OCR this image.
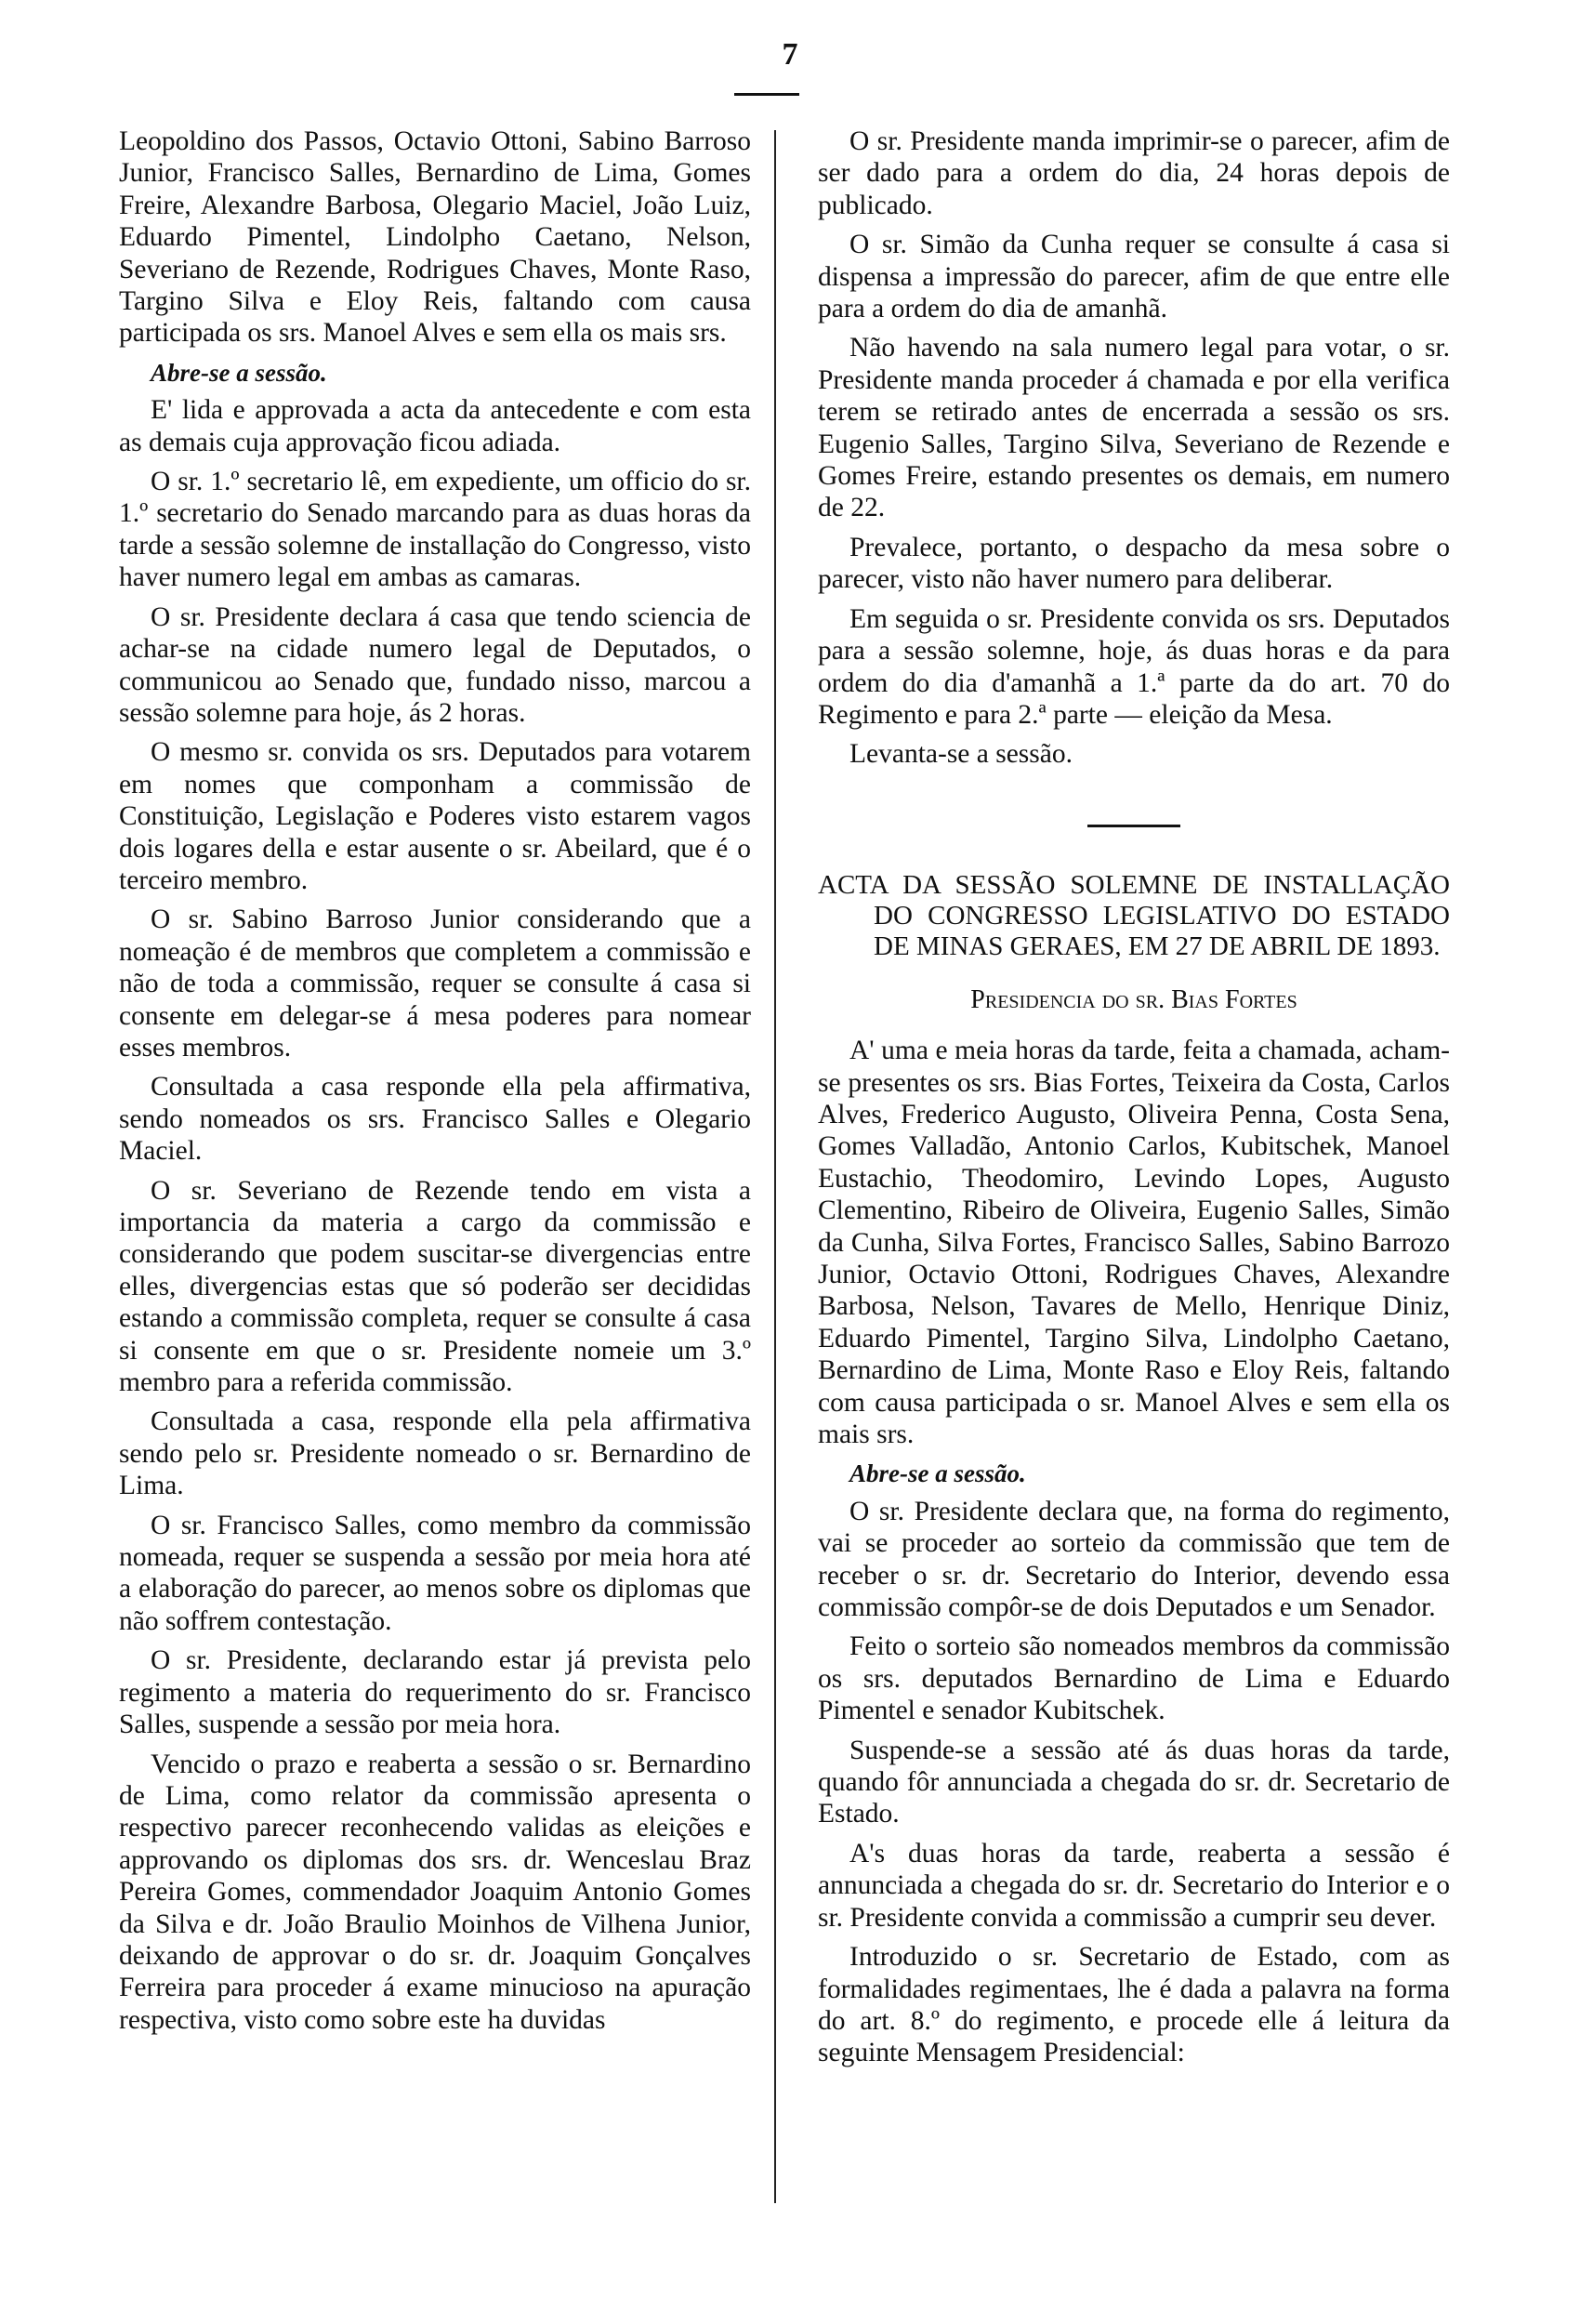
7

Leopoldino dos Passos, Octavio Ottoni, Sabino Barroso Junior, Francisco Salles, Bernardino de Lima, Gomes Freire, Alexandre Barbosa, Olegario Maciel, João Luiz, Eduardo Pimentel, Lindolpho Caetano, Nelson, Severiano de Rezende, Rodrigues Chaves, Monte Raso, Targino Silva e Eloy Reis, faltando com causa participada os srs. Manoel Alves e sem ella os mais srs.

Abre-se a sessão.

E' lida e approvada a acta da antecedente e com esta as demais cuja approvação ficou adiada.

O sr. 1.º secretario lê, em expediente, um officio do sr. 1.º secretario do Senado marcando para as duas horas da tarde a sessão solemne de installação do Congresso, visto haver numero legal em ambas as camaras.

O sr. Presidente declara á casa que tendo sciencia de achar-se na cidade numero legal de Deputados, o communicou ao Senado que, fundado nisso, marcou a sessão solemne para hoje, ás 2 horas.

O mesmo sr. convida os srs. Deputados para votarem em nomes que componham a commissão de Constituição, Legislação e Poderes visto estarem vagos dois logares della e estar ausente o sr. Abeilard, que é o terceiro membro.

O sr. Sabino Barroso Junior considerando que a nomeação é de membros que completem a commissão e não de toda a commissão, requer se consulte á casa si consente em delegar-se á mesa poderes para nomear esses membros.

Consultada a casa responde ella pela affirmativa, sendo nomeados os srs. Francisco Salles e Olegario Maciel.

O sr. Severiano de Rezende tendo em vista a importancia da materia a cargo da commissão e considerando que podem suscitar-se divergencias entre elles, divergencias estas que só poderão ser decididas estando a commissão completa, requer se consulte á casa si consente em que o sr. Presidente nomeie um 3.º membro para a referida commissão.

Consultada a casa, responde ella pela affirmativa sendo pelo sr. Presidente nomeado o sr. Bernardino de Lima.

O sr. Francisco Salles, como membro da commissão nomeada, requer se suspenda a sessão por meia hora até a elaboração do parecer, ao menos sobre os diplomas que não soffrem contestação.

O sr. Presidente, declarando estar já prevista pelo regimento a materia do requerimento do sr. Francisco Salles, suspende a sessão por meia hora.

Vencido o prazo e reaberta a sessão o sr. Bernardino de Lima, como relator da commissão apresenta o respectivo parecer reconhecendo validas as eleições e approvando os diplomas dos srs. dr. Wenceslau Braz Pereira Gomes, commendador Joaquim Antonio Gomes da Silva e dr. João Braulio Moinhos de Vilhena Junior, deixando de approvar o do sr. dr. Joaquim Gonçalves Ferreira para proceder á exame minucioso na apuração respectiva, visto como sobre este ha duvidas

O sr. Presidente manda imprimir-se o parecer, afim de ser dado para a ordem do dia, 24 horas depois de publicado.

O sr. Simão da Cunha requer se consulte á casa si dispensa a impressão do parecer, afim de que entre elle para a ordem do dia de amanhã.

Não havendo na sala numero legal para votar, o sr. Presidente manda proceder á chamada e por ella verifica terem se retirado antes de encerrada a sessão os srs. Eugenio Salles, Targino Silva, Severiano de Rezende e Gomes Freire, estando presentes os demais, em numero de 22.

Prevalece, portanto, o despacho da mesa sobre o parecer, visto não haver numero para deliberar.

Em seguida o sr. Presidente convida os srs. Deputados para a sessão solemne, hoje, ás duas horas e da para ordem do dia d'amanhã a 1.ª parte da do art. 70 do Regimento e para 2.ª parte — eleição da Mesa.

Levanta-se a sessão.

ACTA DA SESSÃO SOLEMNE DE INSTALLAÇÃO DO CONGRESSO LEGISLATIVO DO ESTADO DE MINAS GERAES, EM 27 DE ABRIL DE 1893.
Presidencia do sr. Bias Fortes

A' uma e meia horas da tarde, feita a chamada, acham-se presentes os srs. Bias Fortes, Teixeira da Costa, Carlos Alves, Frederico Augusto, Oliveira Penna, Costa Sena, Gomes Valladão, Antonio Carlos, Kubitschek, Manoel Eustachio, Theodomiro, Levindo Lopes, Augusto Clementino, Ribeiro de Oliveira, Eugenio Salles, Simão da Cunha, Silva Fortes, Francisco Salles, Sabino Barrozo Junior, Octavio Ottoni, Rodrigues Chaves, Alexandre Barbosa, Nelson, Tavares de Mello, Henrique Diniz, Eduardo Pimentel, Targino Silva, Lindolpho Caetano, Bernardino de Lima, Monte Raso e Eloy Reis, faltando com causa participada o sr. Manoel Alves e sem ella os mais srs.

Abre-se a sessão.

O sr. Presidente declara que, na forma do regimento, vai se proceder ao sorteio da commissão que tem de receber o sr. dr. Secretario do Interior, devendo essa commissão compôr-se de dois Deputados e um Senador.

Feito o sorteio são nomeados membros da commissão os srs. deputados Bernardino de Lima e Eduardo Pimentel e senador Kubitschek.

Suspende-se a sessão até ás duas horas da tarde, quando fôr annunciada a chegada do sr. dr. Secretario de Estado.

A's duas horas da tarde, reaberta a sessão é annunciada a chegada do sr. dr. Secretario do Interior e o sr. Presidente convida a commissão a cumprir seu dever.

Introduzido o sr. Secretario de Estado, com as formalidades regimentaes, lhe é dada a palavra na forma do art. 8.º do regimento, e procede elle á leitura da seguinte Mensagem Presidencial:
